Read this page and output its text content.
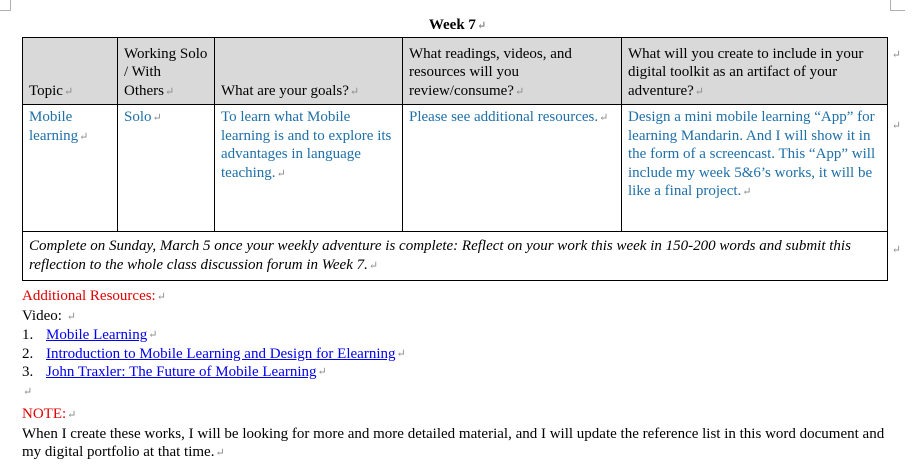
Week 7↵
Topic↵	Working Solo / With Others↵	What are your goals?↵	What readings, videos, and resources will you review/consume?↵	What will you create to include in your digital toolkit as an artifact of your adventure?↵
Mobile learning↵	Solo↵	To learn what Mobile learning is and to explore its advantages in language teaching.↵	Please see additional resources.↵	Design a mini mobile learning “App” for learning Mandarin. And I will show it in the form of a screencast. This “App” will include my week 5&6’s works, it will be like a final project.↵
Complete on Sunday, March 5 once your weekly adventure is complete: Reflect on your work this week in 150-200 words and submit this reflection to the whole class discussion forum in Week 7.↵				
↵
↵
↵
Additional Resources:↵
Video: ↵
1. Mobile Learning ↵
2. Introduction to Mobile Learning and Design for Elearning ↵
3. John Traxler: The Future of Mobile Learning ↵
↵
NOTE:↵
When I create these works, I will be looking for more and more detailed material, and I will update the reference list in this word document and my digital portfolio at that time.↵
